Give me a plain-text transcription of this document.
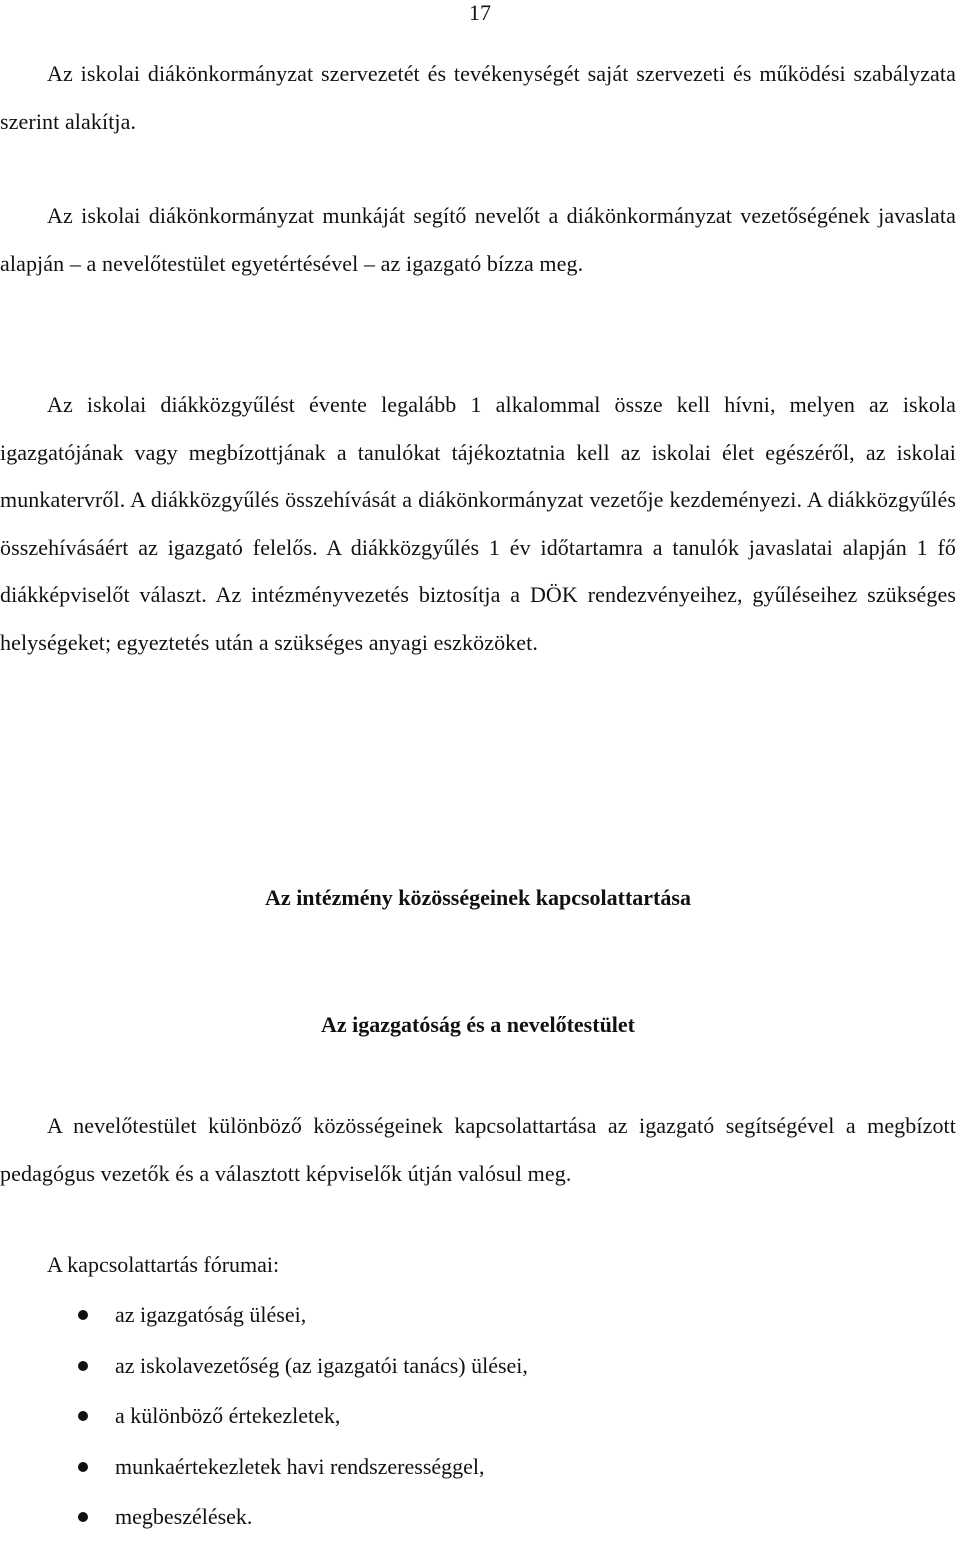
17

Az iskolai diákönkormányzat szervezetét és tevékenységét saját szervezeti és működési szabályzata szerint alakítja.

Az iskolai diákönkormányzat munkáját segítő nevelőt a diákönkormányzat vezetőségének javaslata alapján – a nevelőtestület egyetértésével – az igazgató bízza meg.

Az iskolai diákközgyűlést évente legalább 1 alkalommal össze kell hívni, melyen az iskola igazgatójának vagy megbízottjának a tanulókat tájékoztatnia kell az iskolai élet egészéről, az iskolai munkatervről. A diákközgyűlés összehívását a diákönkormányzat vezetője kezdeményezi. A diákközgyűlés összehívásáért az igazgató felelős. A diákközgyűlés 1 év időtartamra a tanulók javaslatai alapján 1 fő diákképviselőt választ. Az intézményvezetés biztosítja a DÖK rendezvényeihez, gyűléseihez szükséges helységeket; egyeztetés után a szükséges anyagi eszközöket.

Az intézmény közösségeinek kapcsolattartása
Az igazgatóság és a nevelőtestület

A nevelőtestület különböző közösségeinek kapcsolattartása az igazgató segítségével a megbízott pedagógus vezetők és a választott képviselők útján valósul meg.

A kapcsolattartás fórumai:

az igazgatóság ülései,
az iskolavezetőség (az igazgatói tanács) ülései,
a különböző értekezletek,
munkaértekezletek havi rendszerességgel,
megbeszélések.
